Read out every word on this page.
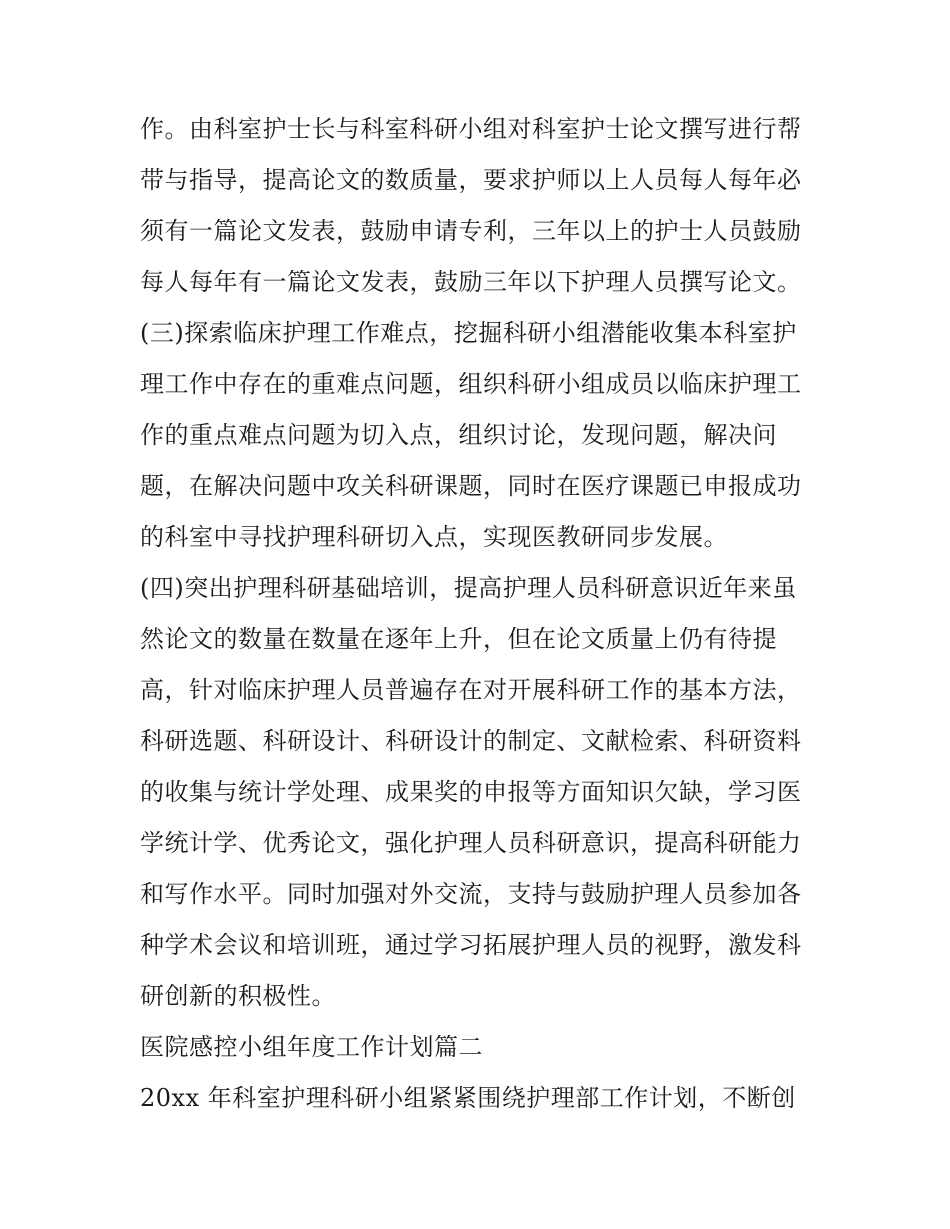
作。由科室护士长与科室科研小组对科室护士论文撰写进行帮
带与指导，提高论文的数质量，要求护师以上人员每人每年必
须有一篇论文发表，鼓励申请专利，三年以上的护士人员鼓励
每人每年有一篇论文发表，鼓励三年以下护理人员撰写论文。
(三)探索临床护理工作难点，挖掘科研小组潜能收集本科室护
理工作中存在的重难点问题，组织科研小组成员以临床护理工
作的重点难点问题为切入点，组织讨论，发现问题，解决问
题，在解决问题中攻关科研课题，同时在医疗课题已申报成功
的科室中寻找护理科研切入点，实现医教研同步发展。
(四)突出护理科研基础培训，提高护理人员科研意识近年来虽
然论文的数量在数量在逐年上升，但在论文质量上仍有待提
高，针对临床护理人员普遍存在对开展科研工作的基本方法，
科研选题、科研设计、科研设计的制定、文献检索、科研资料
的收集与统计学处理、成果奖的申报等方面知识欠缺，学习医
学统计学、优秀论文，强化护理人员科研意识，提高科研能力
和写作水平。同时加强对外交流，支持与鼓励护理人员参加各
种学术会议和培训班，通过学习拓展护理人员的视野，激发科
研创新的积极性。
医院感控小组年度工作计划篇二
20xx 年科室护理科研小组紧紧围绕护理部工作计划，不断创
